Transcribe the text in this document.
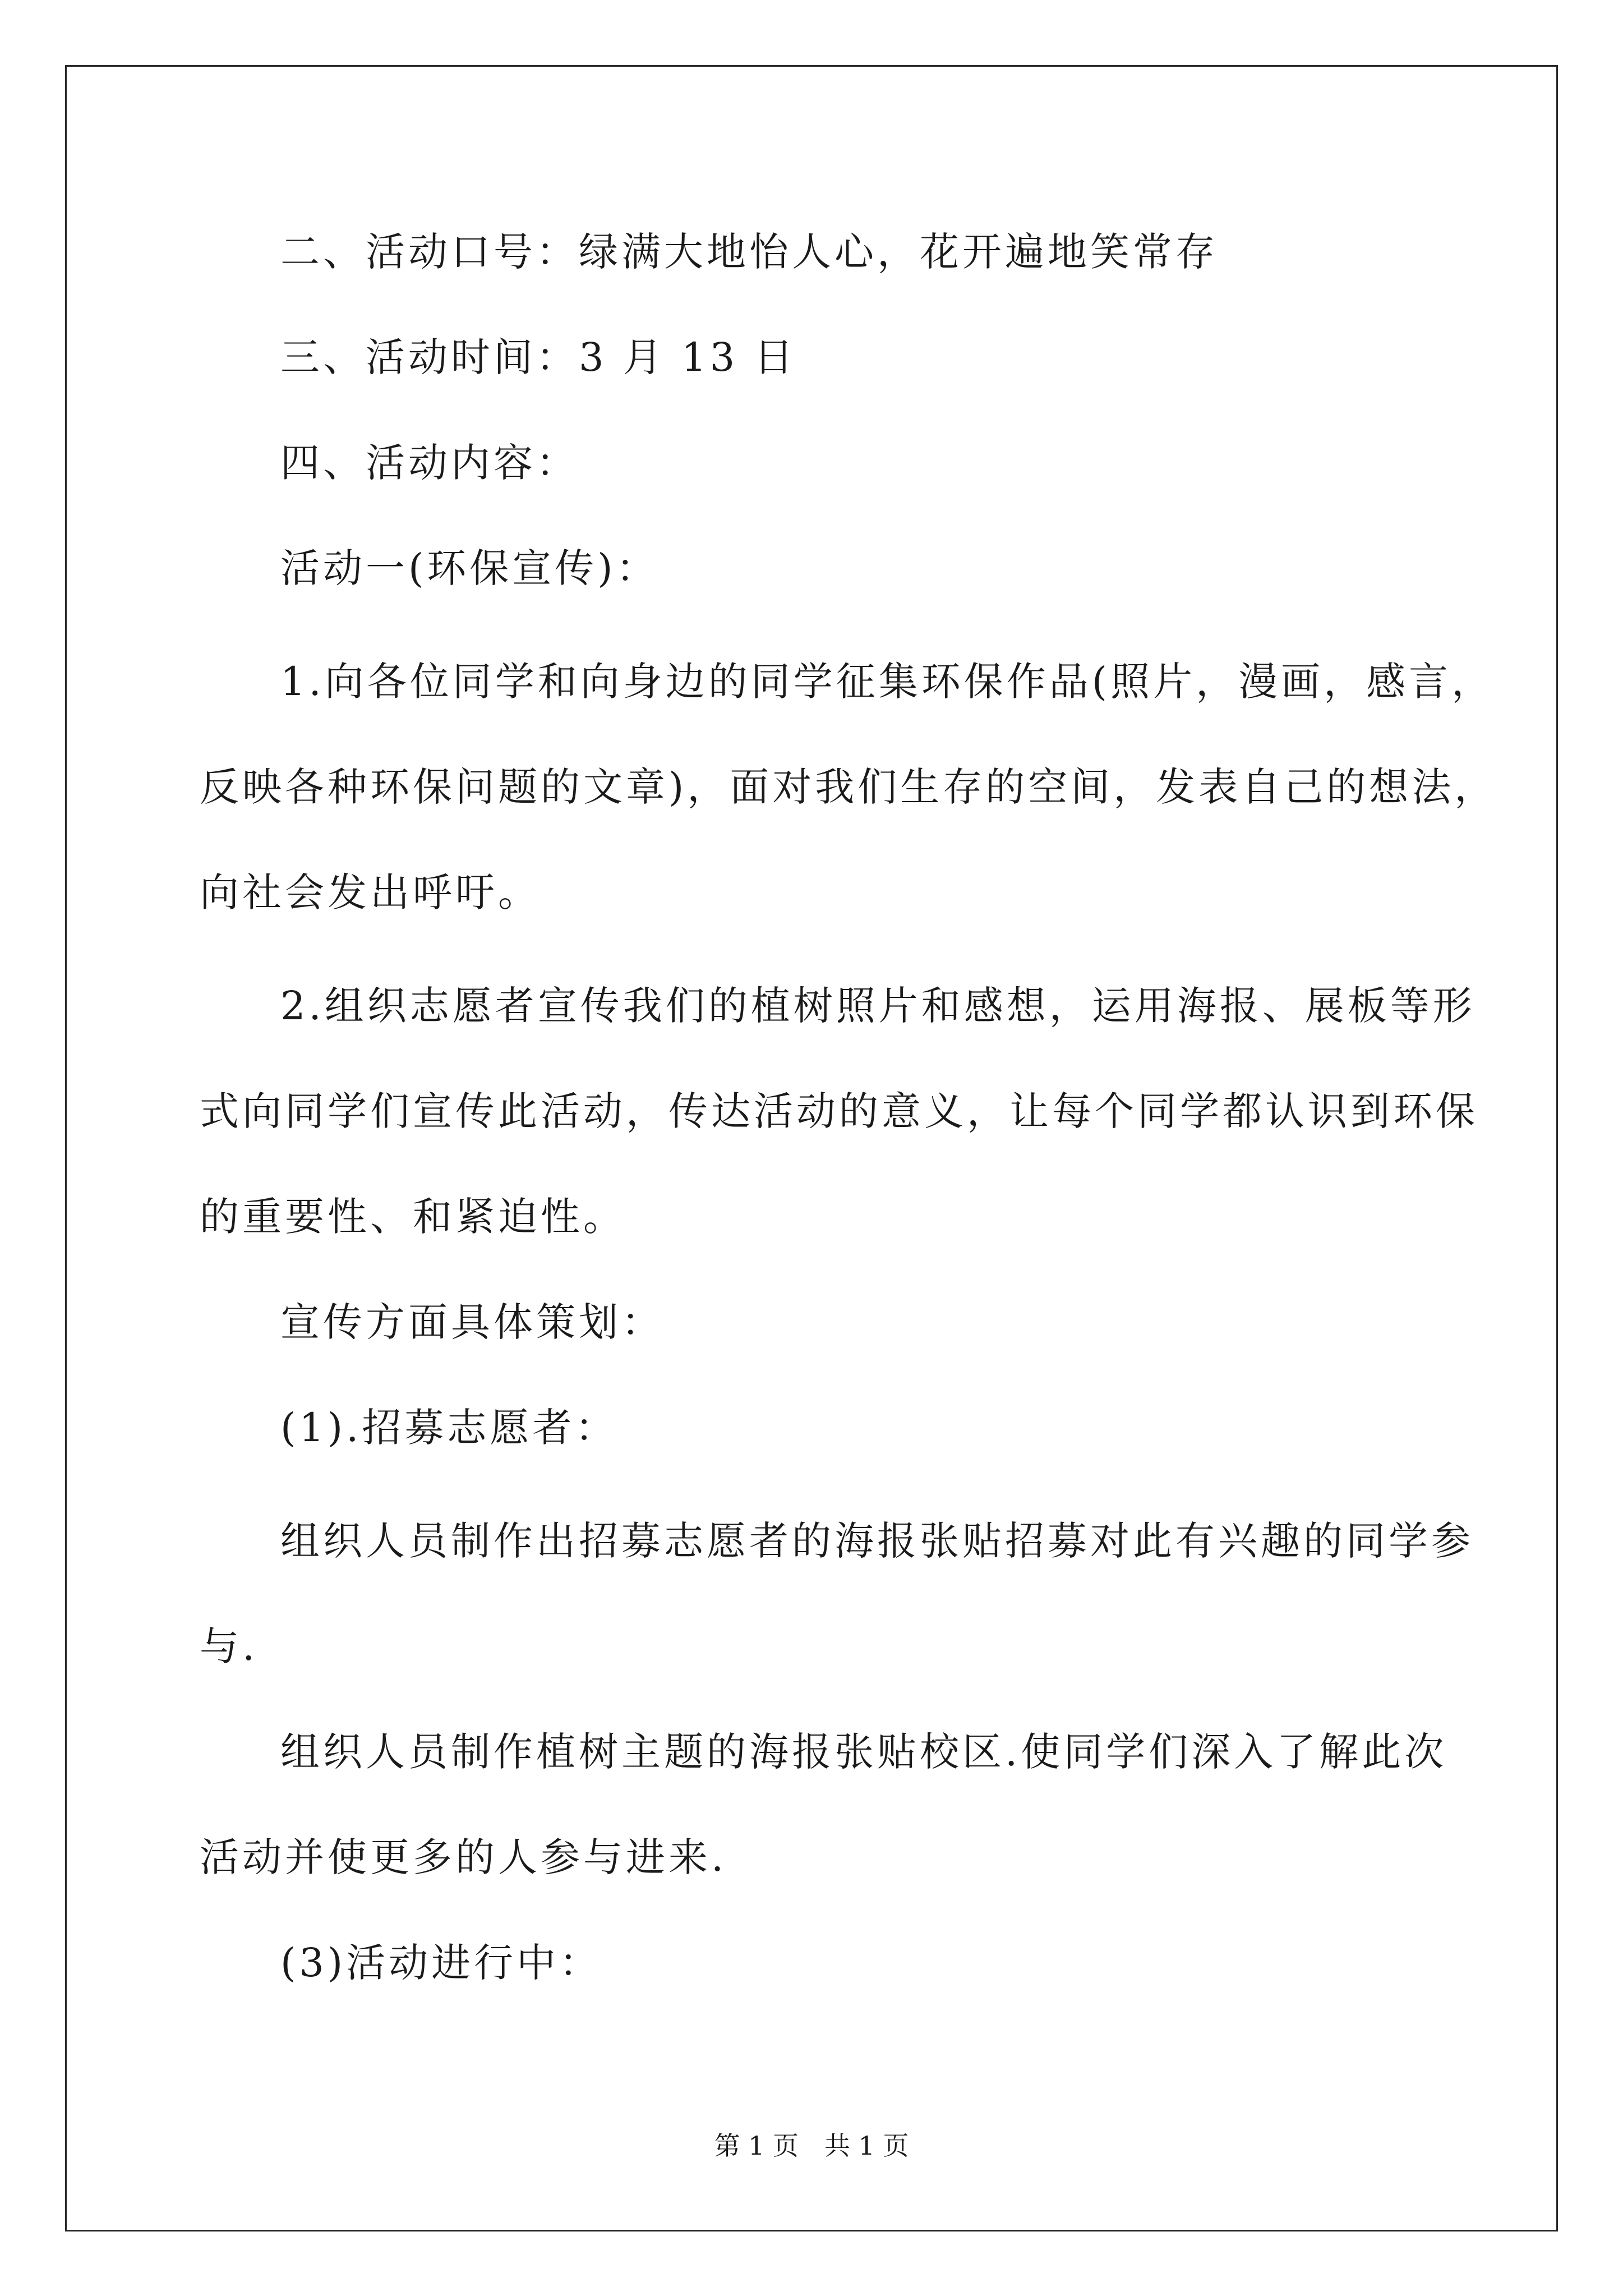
二、活动口号：绿满大地怡人心，花开遍地笑常存
三、活动时间：3 月 13 日
四、活动内容：
活动一(环保宣传)：
1.向各位同学和向身边的同学征集环保作品(照片，漫画，感言，
反映各种环保问题的文章)，面对我们生存的空间，发表自己的想法，
向社会发出呼吁。
2.组织志愿者宣传我们的植树照片和感想，运用海报、展板等形
式向同学们宣传此活动，传达活动的意义，让每个同学都认识到环保
的重要性、和紧迫性。
宣传方面具体策划：
(1).招募志愿者：
组织人员制作出招募志愿者的海报张贴招募对此有兴趣的同学参
与.
组织人员制作植树主题的海报张贴校区.使同学们深入了解此次
活动并使更多的人参与进来.
(3)活动进行中：
第 1 页　共 1 页
